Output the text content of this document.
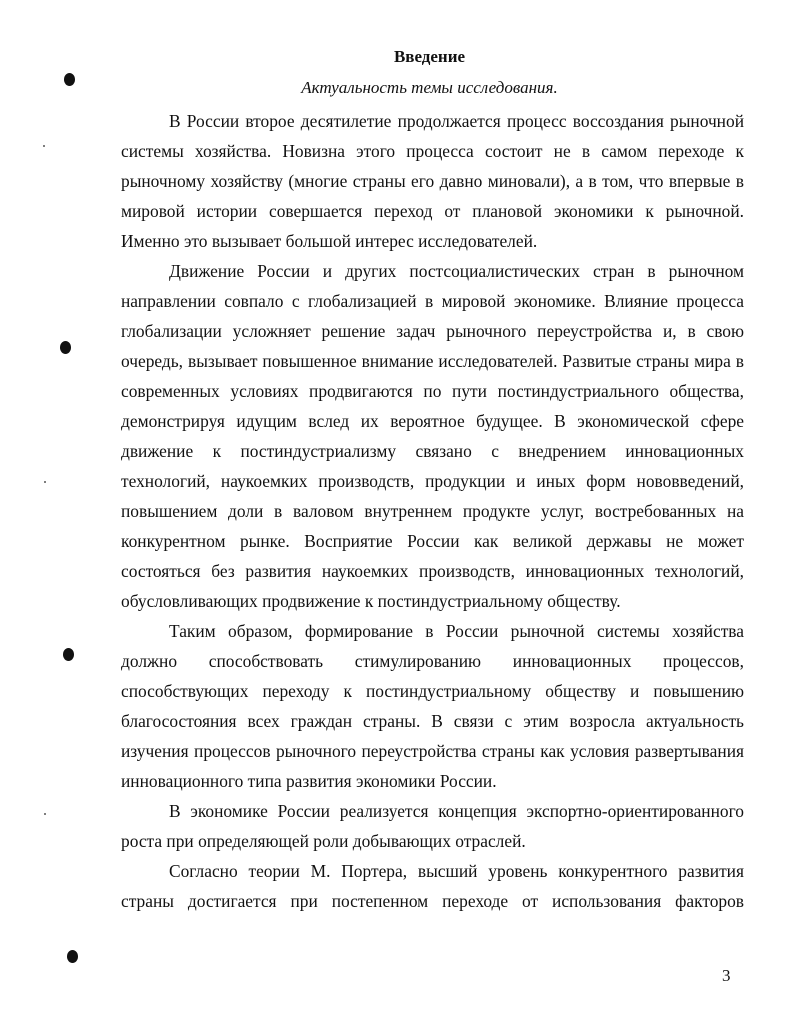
Введение
Актуальность темы исследования.

В России второе десятилетие продолжается процесс воссоздания рыночной системы хозяйства. Новизна этого процесса состоит не в самом переходе к рыночному хозяйству (многие страны его давно миновали), а в том, что впервые в мировой истории совершается переход от плановой экономики к рыночной. Именно это вызывает большой интерес исследователей.

Движение России и других постсоциалистических стран в рыночном направлении совпало с глобализацией в мировой экономике. Влияние процесса глобализации усложняет решение задач рыночного переустройства и, в свою очередь, вызывает повышенное внимание исследователей. Развитые страны мира в современных условиях продвигаются по пути постиндустриального общества, демонстрируя идущим вслед их вероятное будущее. В экономической сфере движение к постиндустриализму связано с внедрением инновационных технологий, наукоемких производств, продукции и иных форм нововведений, повышением доли в валовом внутреннем продукте услуг, востребованных на конкурентном рынке. Восприятие России как великой державы не может состояться без развития наукоемких производств, инновационных технологий, обусловливающих продвижение к постиндустриальному обществу.

Таким образом, формирование в России рыночной системы хозяйства должно способствовать стимулированию инновационных процессов, способствующих переходу к постиндустриальному обществу и повышению благосостояния всех граждан страны. В связи с этим возросла актуальность изучения процессов рыночного переустройства страны как условия развертывания инновационного типа развития экономики России.

В экономике России реализуется концепция экспортно-ориентированного роста при определяющей роли добывающих отраслей.

Согласно теории М. Портера, высший уровень конкурентного развития страны достигается при постепенном переходе от использования факторов

3
